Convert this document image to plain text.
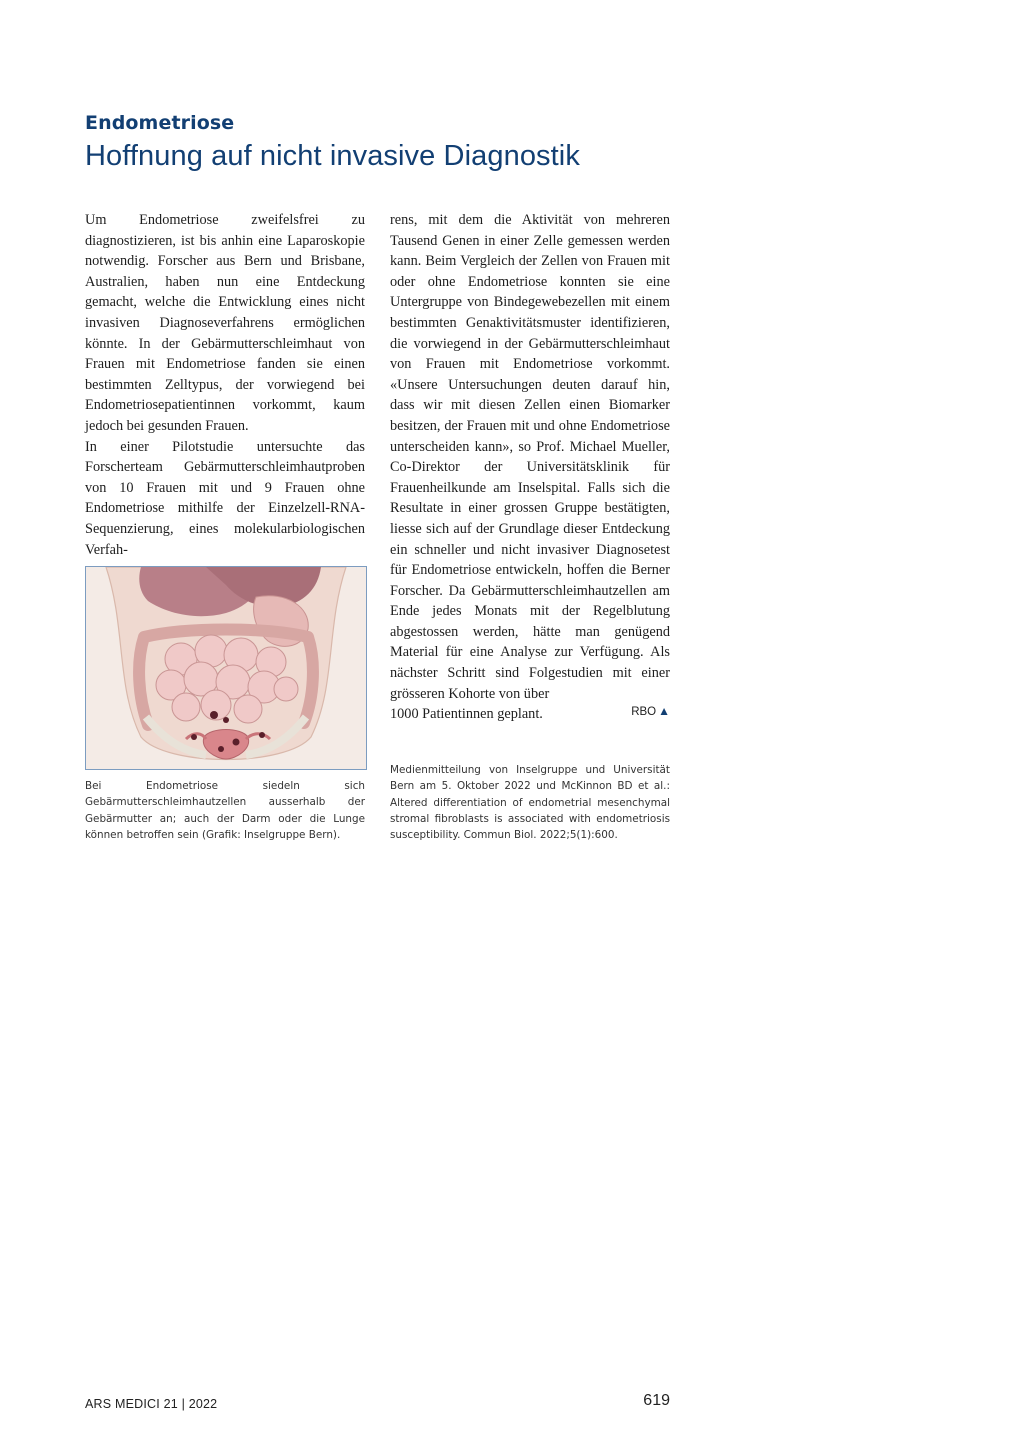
Endometriose
Hoffnung auf nicht invasive Diagnostik

Um Endometriose zweifelsfrei zu diagnostizieren, ist bis anhin eine Laparoskopie notwendig. Forscher aus Bern und Brisbane, Australien, haben nun eine Entdeckung gemacht, welche die Entwicklung eines nicht invasiven Diagnoseverfahrens ermöglichen könnte. In der Gebärmutterschleimhaut von Frauen mit Endometriose fanden sie einen bestimmten Zelltypus, der vorwiegend bei Endometriosepatientinnen vorkommt, kaum jedoch bei gesunden Frauen.

In einer Pilotstudie untersuchte das Forscherteam Gebärmutterschleimhautproben von 10 Frauen mit und 9 Frauen ohne Endometriose mithilfe der Einzelzell-RNA-Sequenzierung, eines molekularbiologischen Verfah-

Bei Endometriose siedeln sich Gebärmutterschleimhautzellen ausserhalb der Gebärmutter an; auch der Darm oder die Lunge können betroffen sein (Grafik: Inselgruppe Bern).

rens, mit dem die Aktivität von mehreren Tausend Genen in einer Zelle gemessen werden kann. Beim Vergleich der Zellen von Frauen mit oder ohne Endometriose konnten sie eine Untergruppe von Bindegewebezellen mit einem bestimmten Genaktivitätsmuster identifizieren, die vorwiegend in der Gebärmutterschleimhaut von Frauen mit Endometriose vorkommt. «Unsere Untersuchungen deuten darauf hin, dass wir mit diesen Zellen einen Biomarker besitzen, der Frauen mit und ohne Endometriose unterscheiden kann», so Prof. Michael Mueller, Co-Direktor der Universitätsklinik für Frauenheilkunde am Inselspital. Falls sich die Resultate in einer grossen Gruppe bestätigten, liesse sich auf der Grundlage dieser Entdeckung ein schneller und nicht invasiver Diagnosetest für Endometriose entwickeln, hoffen die Berner Forscher. Da Gebärmutterschleimhautzellen am Ende jedes Monats mit der Regelblutung abgestossen werden, hätte man genügend Material für eine Analyse zur Verfügung. Als nächster Schritt sind Folgestudien mit einer grösseren Kohorte von über

1000 Patientinnen geplant.	RBO ▲

Medienmitteilung von Inselgruppe und Universität Bern am 5. Oktober 2022 und McKinnon BD et al.: Altered differentiation of endometrial mesenchymal stromal fibroblasts is associated with endometriosis susceptibility. Commun Biol. 2022;5(1):600.
ARS MEDICI 21 | 2022	619
